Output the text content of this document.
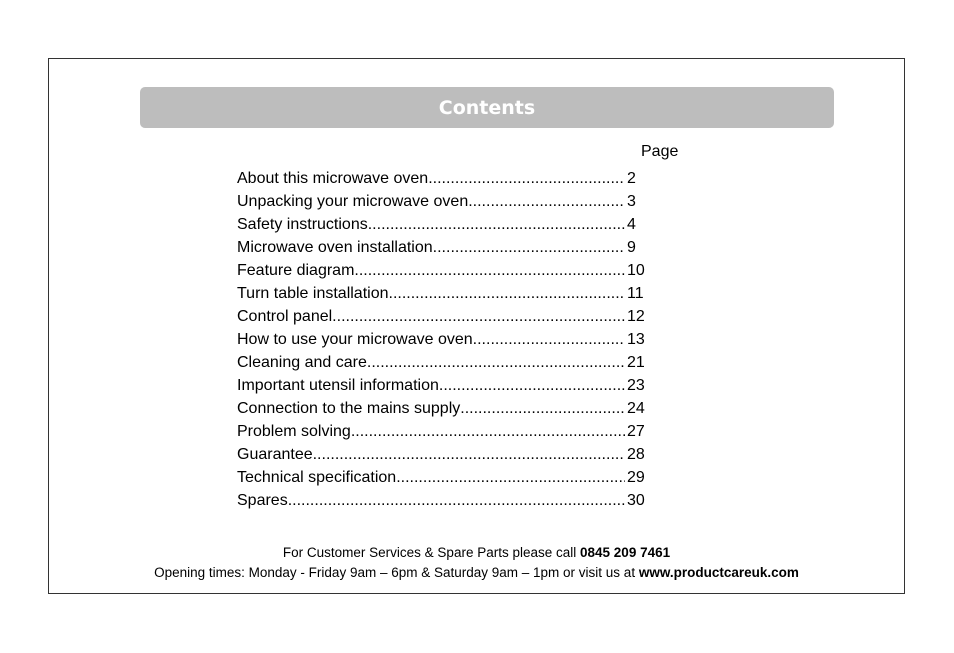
Contents
Page
About this microwave oven .....	2
Unpacking your microwave oven .....	3
Safety instructions .....	4
Microwave oven installation .....	9
Feature diagram .....	10
Turn table installation .....	11
Control panel .....	12
How to use your microwave oven .....	13
Cleaning and care .....	21
Important utensil information .....	23
Connection to the mains supply .....	24
Problem solving .....	27
Guarantee .....	28
Technical specification .....	29
Spares .....	30
For Customer Services & Spare Parts please call 0845 209 7461
Opening times: Monday - Friday 9am – 6pm & Saturday 9am – 1pm or visit us at www.productcareuk.com
